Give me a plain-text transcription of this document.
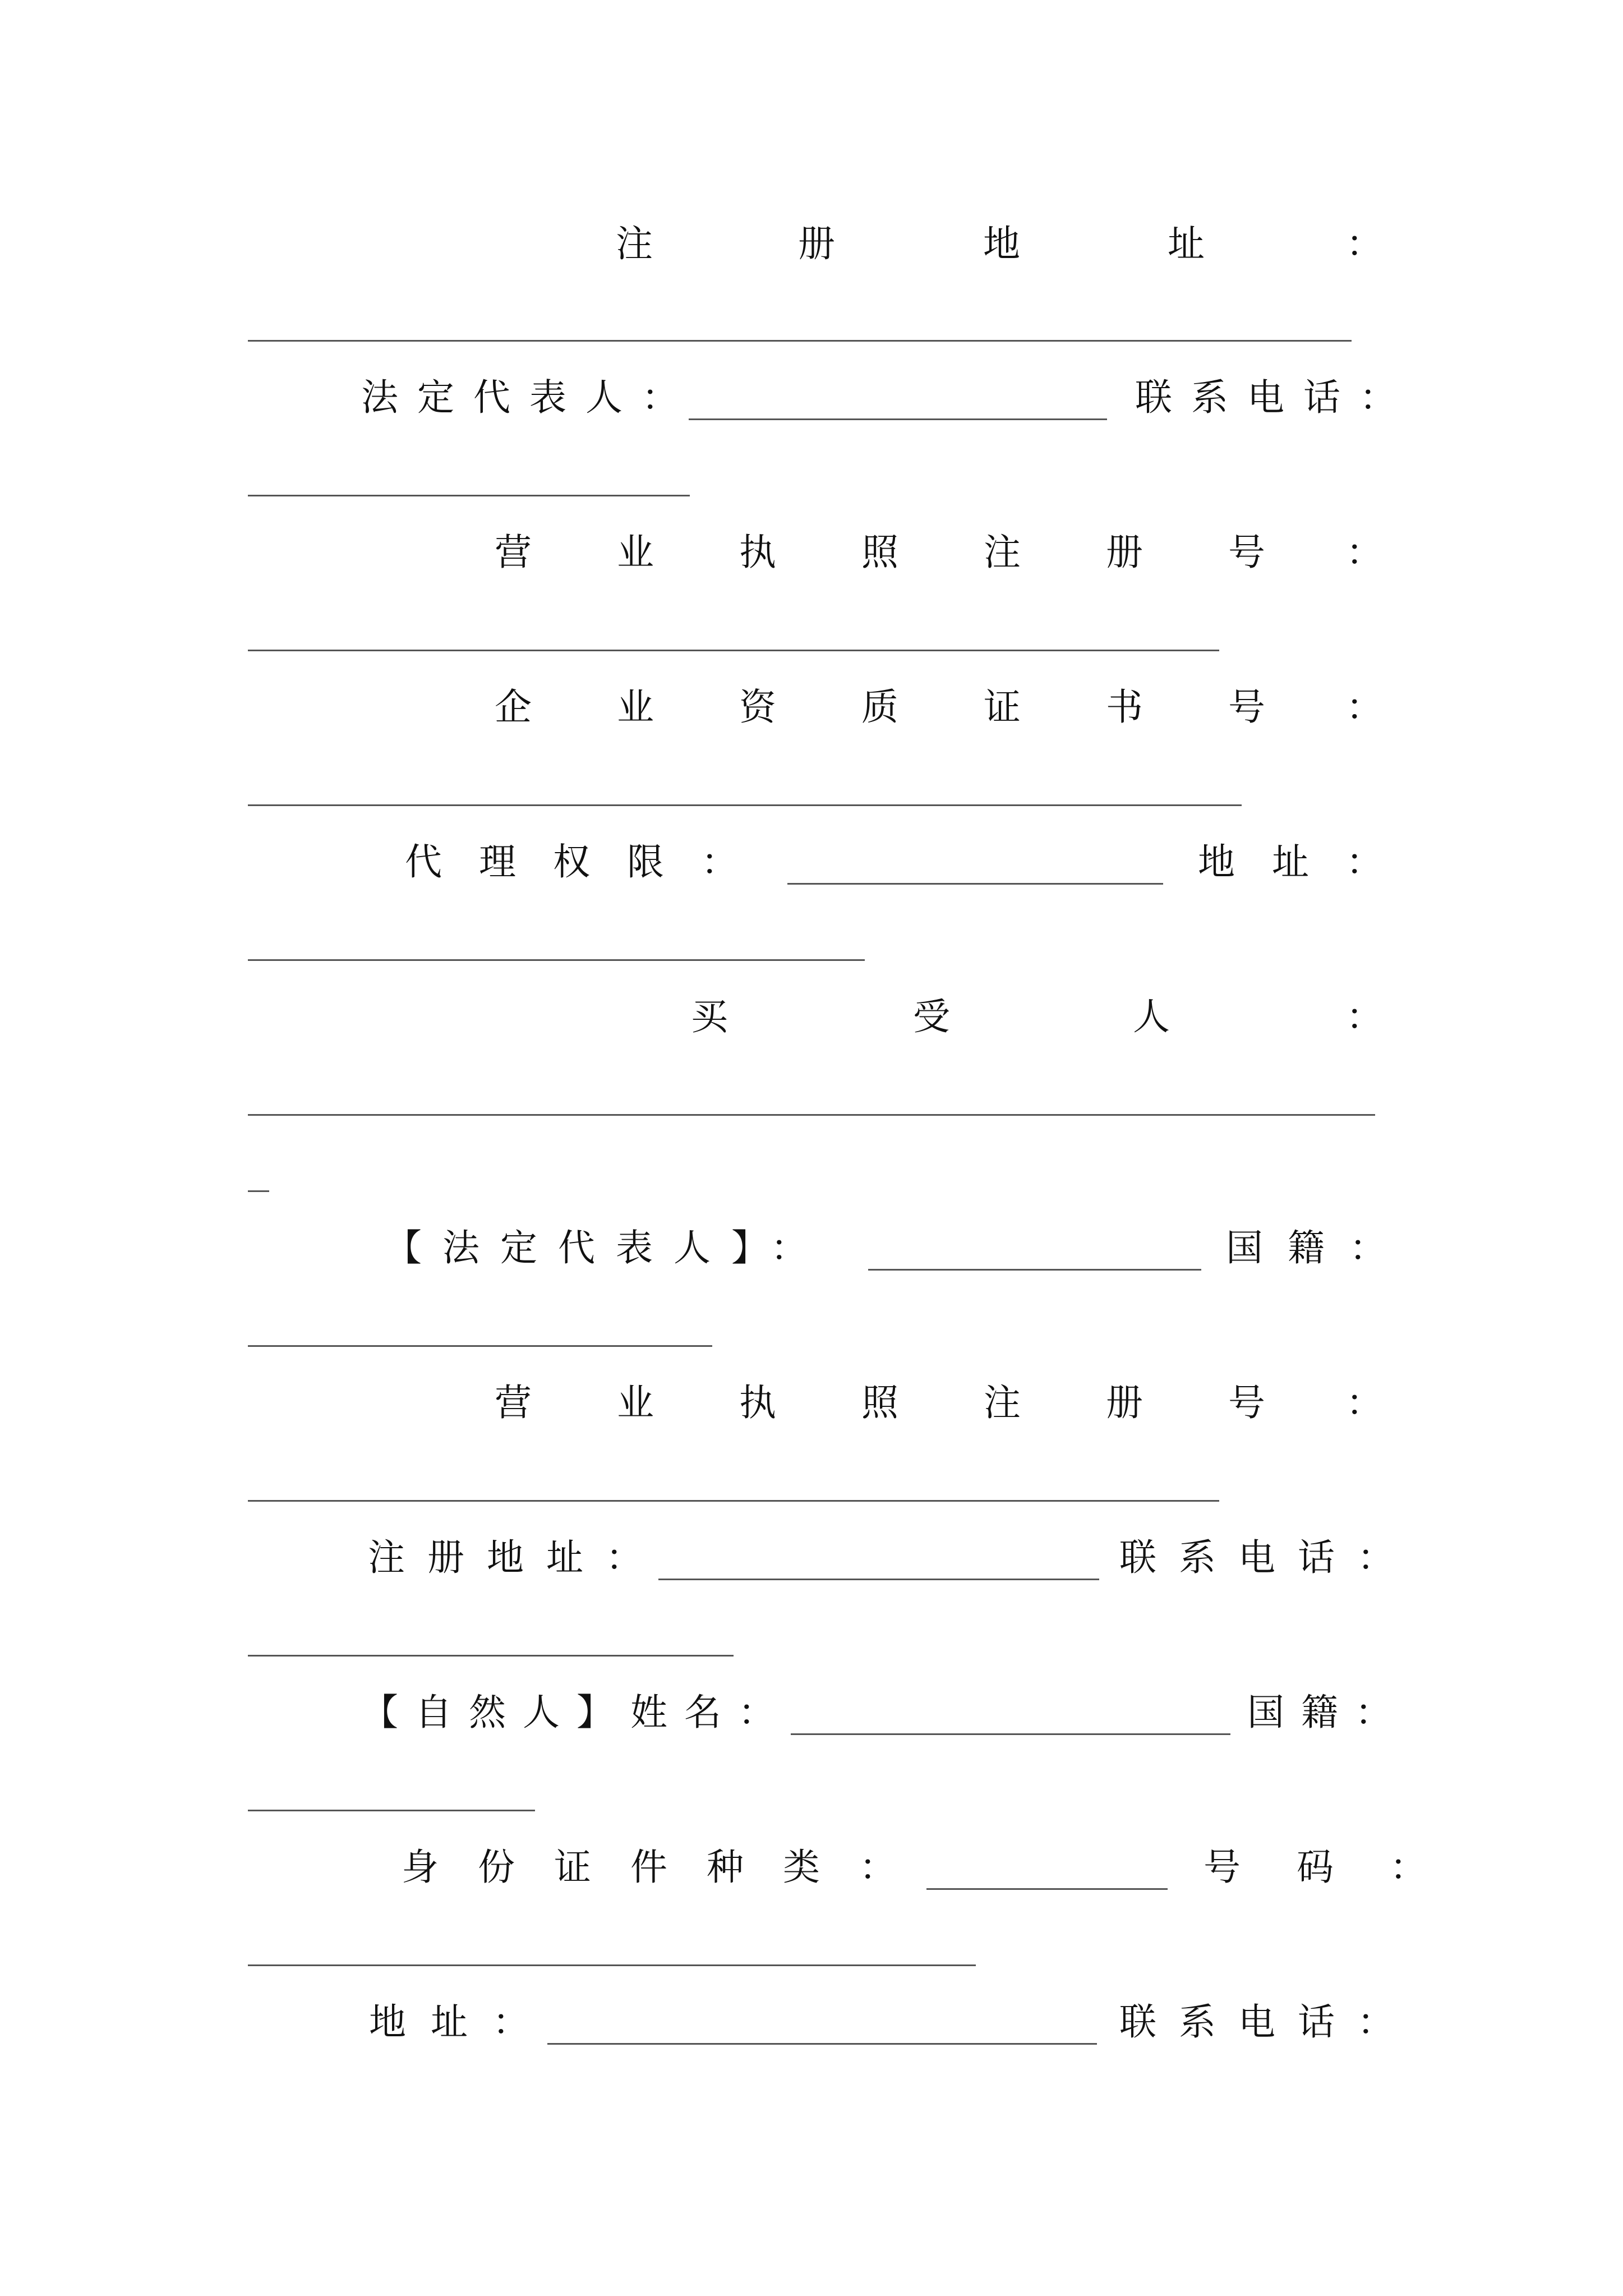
注	册	地	址	：
法定代表人：	联系电话：
营 业 执 照 注 册 号 ：
企 业 资 质 证 书 号 ：
代理权限：	地址：
买	受	人	：
【法定代表人】：	国籍：
营 业 执 照 注 册 号 ：
注册地址：	联系电话：
【自然人】姓名：	国籍：
身份证件种类：	号码：
地址：	联系电话：
